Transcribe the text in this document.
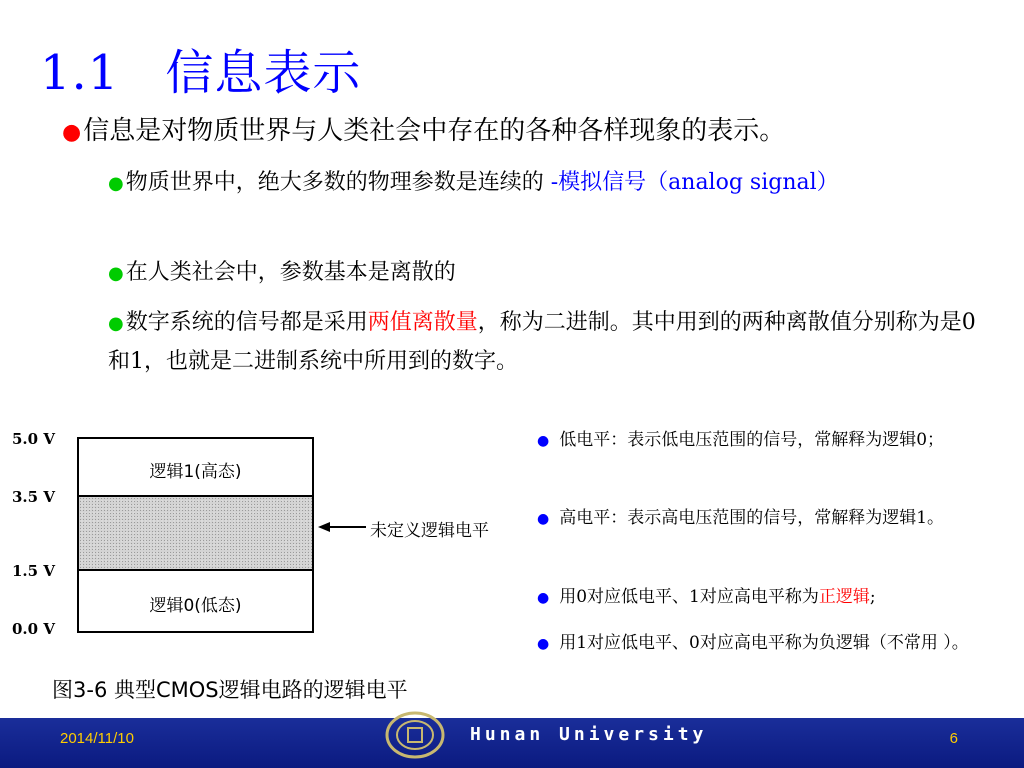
1.1 信息表示
●信息是对物质世界与人类社会中存在的各种各样现象的表示。
●物质世界中，绝大多数的物理参数是连续的 -模拟信号（analog signal）
●在人类社会中，参数基本是离散的
●数字系统的信号都是采用两值离散量，称为二进制。其中用到的两种离散值分别称为是0和1，也就是二进制系统中所用到的数字。
5.0 V
3.5 V
1.5 V
0.0 V
逻辑1(高态)
逻辑0(低态)
未定义逻辑电平
图3-6 典型CMOS逻辑电路的逻辑电平
● 低电平：表示低电压范围的信号，常解释为逻辑0；
● 高电平：表示高电压范围的信号，常解释为逻辑1。
● 用0对应低电平、1对应高电平称为正逻辑;
● 用1对应低电平、0对应高电平称为负逻辑（不常用 ）。
2014/11/10	Hunan University	6
